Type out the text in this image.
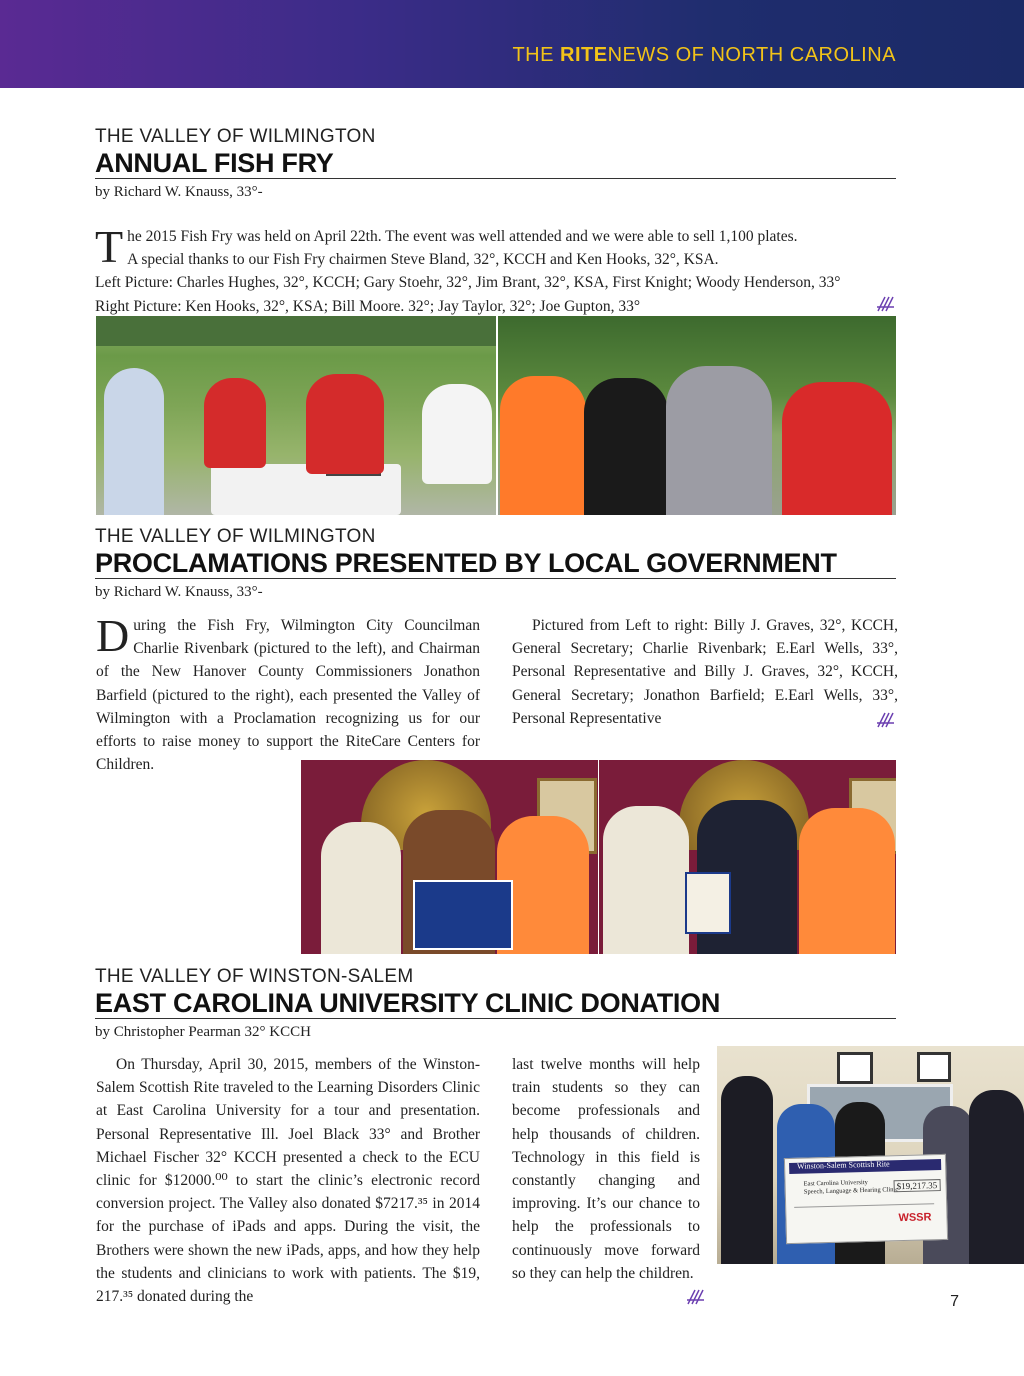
THE RITENEWS OF NORTH CAROLINA
THE VALLEY OF WILMINGTON
ANNUAL FISH FRY
by Richard W. Knauss, 33°-
T he 2015 Fish Fry was held on April 22th. The event was well attended and we were able to sell 1,100 plates.
A special thanks to our Fish Fry chairmen Steve Bland, 32°, KCCH and Ken Hooks, 32°, KSA.
Left Picture: Charles Hughes, 32°, KCCH; Gary Stoehr, 32°, Jim Brant, 32°, KSA, First Knight; Woody Henderson, 33°
Right Picture: Ken Hooks, 32°, KSA; Bill Moore. 32°; Jay Taylor, 32°; Joe Gupton, 33°
THE VALLEY OF WILMINGTON
PROCLAMATIONS PRESENTED BY LOCAL GOVERNMENT
by Richard W. Knauss, 33°-
During the Fish Fry, Wilmington City Councilman Charlie Rivenbark (pictured to the left), and Chairman of the New Hanover County Commissioners Jonathon Barfield (pictured to the right), each presented the Valley of Wilmington with a Proclamation recognizing us for our efforts to raise money to support the RiteCare Centers for Children.
Pictured from Left to right: Billy J. Graves, 32°, KCCH, General Secretary; Charlie Rivenbark; E.Earl Wells, 33°, Personal Representative and Billy J. Graves, 32°, KCCH, General Secretary; Jonathon Barfield; E.Earl Wells, 33°, Personal Representative
THE VALLEY OF WINSTON-SALEM
EAST CAROLINA UNIVERSITY CLINIC DONATION
by Christopher Pearman 32° KCCH
On Thursday, April 30, 2015, members of the Winston-Salem Scottish Rite traveled to the Learning Disorders Clinic at East Carolina University for a tour and presentation. Personal Representative Ill. Joel Black 33° and Brother Michael Fischer 32° KCCH presented a check to the ECU clinic for $12000.⁰⁰ to start the clinic’s electronic record conversion project. The Valley also donated $7217.³⁵ in 2014 for the purchase of iPads and apps. During the visit, the Brothers were shown the new iPads, apps, and how they help the students and clinicians to work with patients. The $19, 217.³⁵ donated during the
last twelve months will help train students so they can become professionals and help thousands of children. Technology in this field is constantly changing and improving. It’s our chance to help the professionals to continuously move forward so they can help the children.
Winston-Salem Scottish Rite
East Carolina University
Speech, Language & Hearing Clinic
$19,217.35
WSSR
7
